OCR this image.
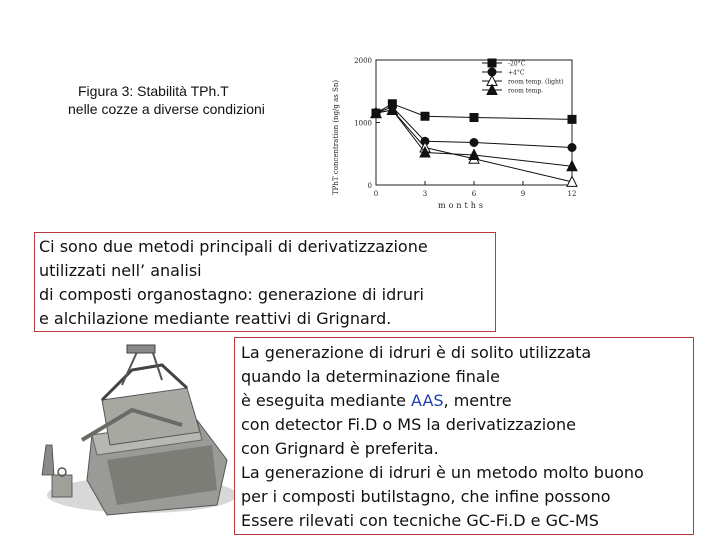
Figura 3: Stabilità TPh.T
nelle cozze a diverse condizioni	TPhT concentration (ng/g as Sn)
months
0
1000
2000
0	3	6	9	12
-20°C
+4°C
room temp. (light)
room temp.
Ci sono due metodi principali di derivatizzazione
utilizzati nell’ analisi
di composti organostagno: generazione di idruri
e alchilazione mediante reattivi di Grignard.
La generazione di idruri è di solito utilizzata
quando la determinazione finale
è eseguita mediante AAS, mentre
con detector Fi.D o MS la derivatizzazione
con Grignard è preferita.
La generazione di idruri è un metodo molto buono
per i composti butilstagno, che infine possono
Essere rilevati con tecniche GC-Fi.D e GC-MS
